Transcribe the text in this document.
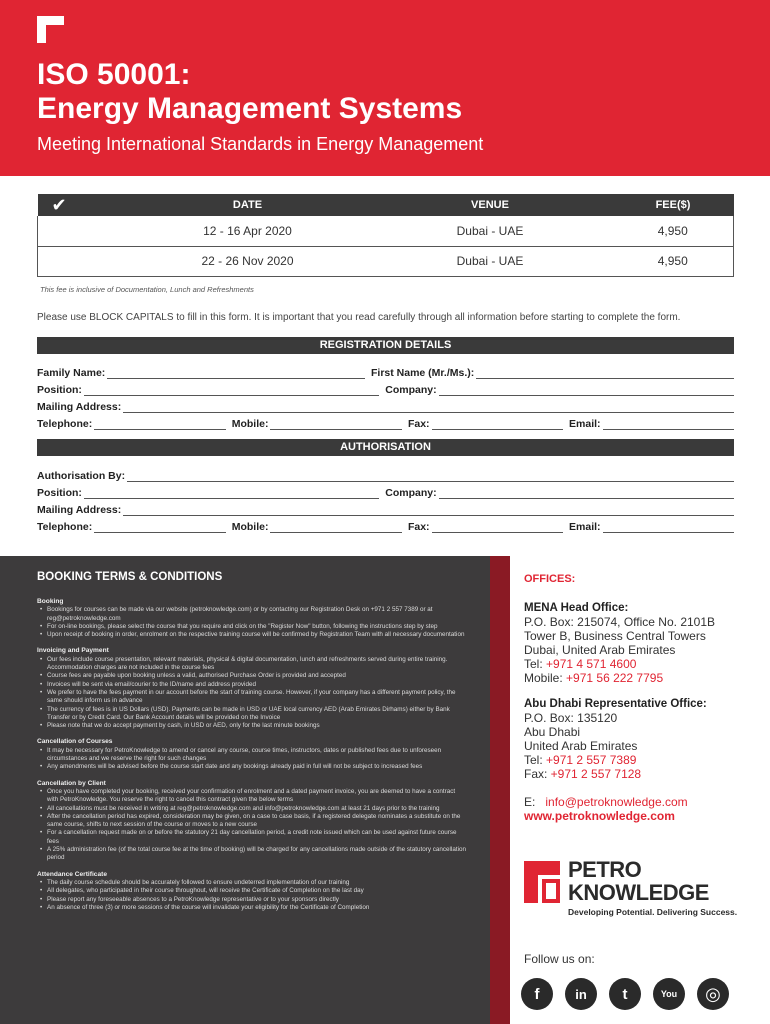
ISO 50001:
Energy Management Systems
Meeting International Standards in Energy Management
✔	DATE	VENUE	FEE($)
	12 - 16 Apr 2020	Dubai - UAE	4,950
	22 - 26 Nov 2020	Dubai - UAE	4,950
This fee is inclusive of Documentation, Lunch and Refreshments
Please use BLOCK CAPITALS to fill in this form. It is important that you read carefully through all information before starting to complete the form.
REGISTRATION DETAILS
Family Name:	First Name (Mr./Ms.):
Position:	Company:
Mailing Address:
Telephone:	Mobile:	Fax:	Email:
AUTHORISATION
Authorisation By:
Position:	Company:
Mailing Address:
Telephone:	Mobile:	Fax:	Email:
BOOKING TERMS & CONDITIONS
Booking
• Bookings for courses can be made via our website (petroknowledge.com) or by contacting our Registration Desk on +971 2 557 7389 or at reg@petroknowledge.com
• For on-line bookings, please select the course that you require and click on the "Register Now" button, following the instructions step by step
• Upon receipt of booking in order, enrolment on the respective training course will be confirmed by Registration Team with all necessary documentation
Invoicing and Payment
• Our fees include course presentation, relevant materials, physical & digital documentation, lunch and refreshments served during entire training. Accommodation charges are not included in the course fees
• Course fees are payable upon booking unless a valid, authorised Purchase Order is provided and accepted
• Invoices will be sent via email/courier to the ID/name and address provided
• We prefer to have the fees payment in our account before the start of training course. However, if your company has a different payment policy, the same should inform us in advance
• The currency of fees is in US Dollars (USD). Payments can be made in USD or UAE local currency AED (Arab Emirates Dirhams) either by Bank Transfer or by Credit Card. Our Bank Account details will be provided on the Invoice
• Please note that we do accept payment by cash, in USD or AED, only for the last minute bookings
Cancellation of Courses
• It may be necessary for PetroKnowledge to amend or cancel any course, course times, instructors, dates or published fees due to unforeseen circumstances and we reserve the right for such changes
• Any amendments will be advised before the course start date and any bookings already paid in full will not be subject to increased fees
Cancellation by Client
• Once you have completed your booking, received your confirmation of enrolment and a dated payment invoice, you are deemed to have a contract with PetroKnowledge. You reserve the right to cancel this contract given the below terms
• All cancellations must be received in writing at reg@petroknowledge.com and info@petroknowledge.com at least 21 days prior to the training
• After the cancellation period has expired, consideration may be given, on a case to case basis, if a registered delegate nominates a substitute on the same course, shifts to next session of the course or moves to a new course
• For a cancellation request made on or before the statutory 21 day cancellation period, a credit note issued which can be used against future course fees
• A 25% administration fee (of the total course fee at the time of booking) will be charged for any cancellations made outside of the statutory cancellation period
Attendance Certificate
• The daily course schedule should be accurately followed to ensure undeterred implementation of our training
• All delegates, who participated in their course throughout, will receive the Certificate of Completion on the last day
• Please report any foreseeable absences to a PetroKnowledge representative or to your sponsors directly
• An absence of three (3) or more sessions of the course will invalidate your eligibility for the Certificate of Completion
OFFICES:
MENA Head Office:
P.O. Box: 215074, Office No. 2101B
Tower B, Business Central Towers
Dubai, United Arab Emirates
Tel: +971 4 571 4600
Mobile: +971 56 222 7795
Abu Dhabi Representative Office:
P.O. Box: 135120
Abu Dhabi
United Arab Emirates
Tel: +971 2 557 7389
Fax: +971 2 557 7128
E: info@petroknowledge.com
www.petroknowledge.com
PETRO
KNOWLEDGE
Developing Potential. Delivering Success.
Follow us on:
f	in	t	You	◎
